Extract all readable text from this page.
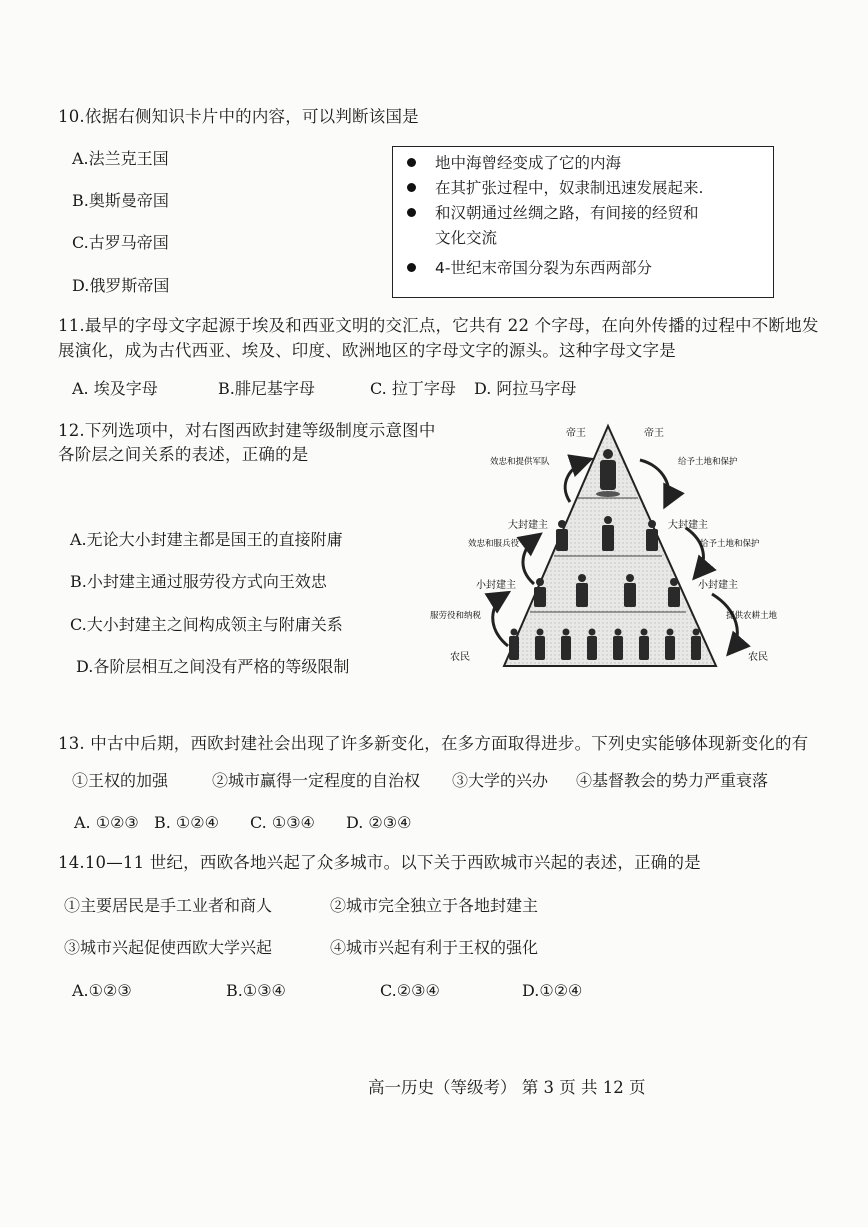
10.依据右侧知识卡片中的内容，可以判断该国是
A.法兰克王国
B.奥斯曼帝国
C.古罗马帝国
D.俄罗斯帝国
地中海曾经变成了它的内海
在其扩张过程中，奴隶制迅速发展起来.
和汉朝通过丝绸之路，有间接的经贸和
文化交流
4-世纪末帝国分裂为东西两部分
11.最早的字母文字起源于埃及和西亚文明的交汇点，它共有 22 个字母，在向外传播的过程中不断地发
展演化，成为古代西亚、埃及、印度、欧洲地区的字母文字的源头。这种字母文字是
A. 埃及字母	B.腓尼基字母	C. 拉丁字母 D. 阿拉马字母
12.下列选项中，对右图西欧封建等级制度示意图中
各阶层之间关系的表述，正确的是
A.无论大小封建主都是国王的直接附庸
B.小封建主通过服劳役方式向王效忠
C.大小封建主之间构成领主与附庸关系
D.各阶层相互之间没有严格的等级限制
帝王	帝王
大封建主	大封建主
小封建主	小封建主
农民	农民
效忠和提供军队
效忠和服兵役
服劳役和纳税
给予土地和保护
给予土地和保护
提供农耕土地
13. 中古中后期，西欧封建社会出现了许多新变化，在多方面取得进步。下列史实能够体现新变化的有
①王权的加强	②城市赢得一定程度的自治权 ③大学的兴办 ④基督教会的势力严重衰落
A. ①②③ B. ①②④ C. ①③④ D. ②③④
14.10—11 世纪，西欧各地兴起了众多城市。以下关于西欧城市兴起的表述，正确的是
①主要居民是手工业者和商人	②城市完全独立于各地封建主
③城市兴起促使西欧大学兴起	④城市兴起有利于王权的强化
A.①②③	B.①③④	C.②③④	D.①②④
高一历史（等级考） 第 3 页 共 12 页
